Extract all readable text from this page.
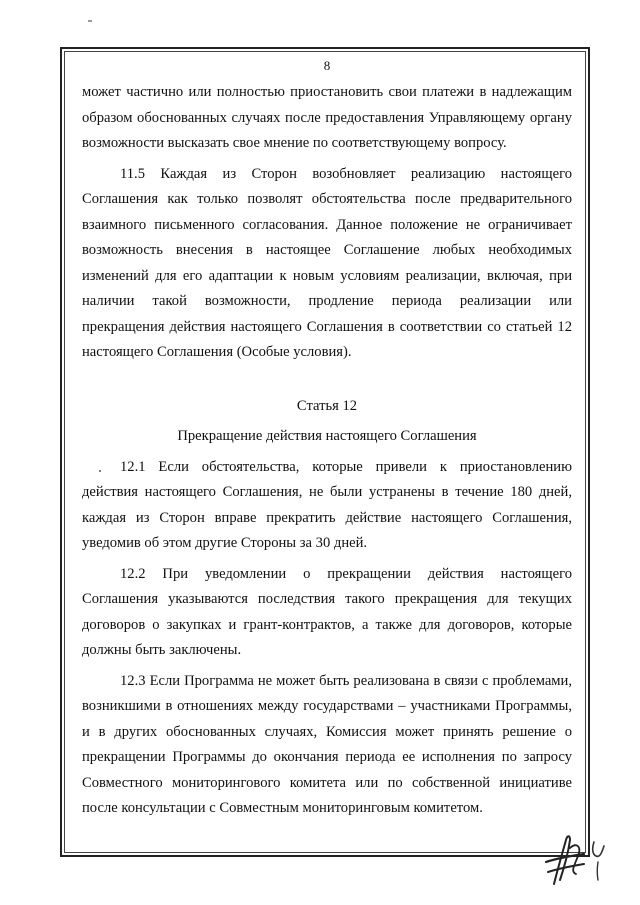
8

может частично или полностью приостановить свои платежи в надлежащим образом обоснованных случаях после предоставления Управляющему органу возможности высказать свое мнение по соответствующему вопросу.

11.5 Каждая из Сторон возобновляет реализацию настоящего Соглашения как только позволят обстоятельства после предварительного взаимного письменного согласования. Данное положение не ограничивает возможность внесения в настоящее Соглашение любых необходимых изменений для его адаптации к новым условиям реализации, включая, при наличии такой возможности, продление периода реализации или прекращения действия настоящего Соглашения в соответствии со статьей 12 настоящего Соглашения (Особые условия).

Статья 12

Прекращение действия настоящего Соглашения

12.1 Если обстоятельства, которые привели к приостановлению действия настоящего Соглашения, не были устранены в течение 180 дней, каждая из Сторон вправе прекратить действие настоящего Соглашения, уведомив об этом другие Стороны за 30 дней.

12.2 При уведомлении о прекращении действия настоящего Соглашения указываются последствия такого прекращения для текущих договоров о закупках и грант-контрактов, а также для договоров, которые должны быть заключены.

12.3 Если Программа не может быть реализована в связи с проблемами, возникшими в отношениях между государствами – участниками Программы, и в других обоснованных случаях, Комиссия может принять решение о прекращении Программы до окончания периода ее исполнения по запросу Совместного мониторингового комитета или по собственной инициативе после консультации с Совместным мониторинговым комитетом.
